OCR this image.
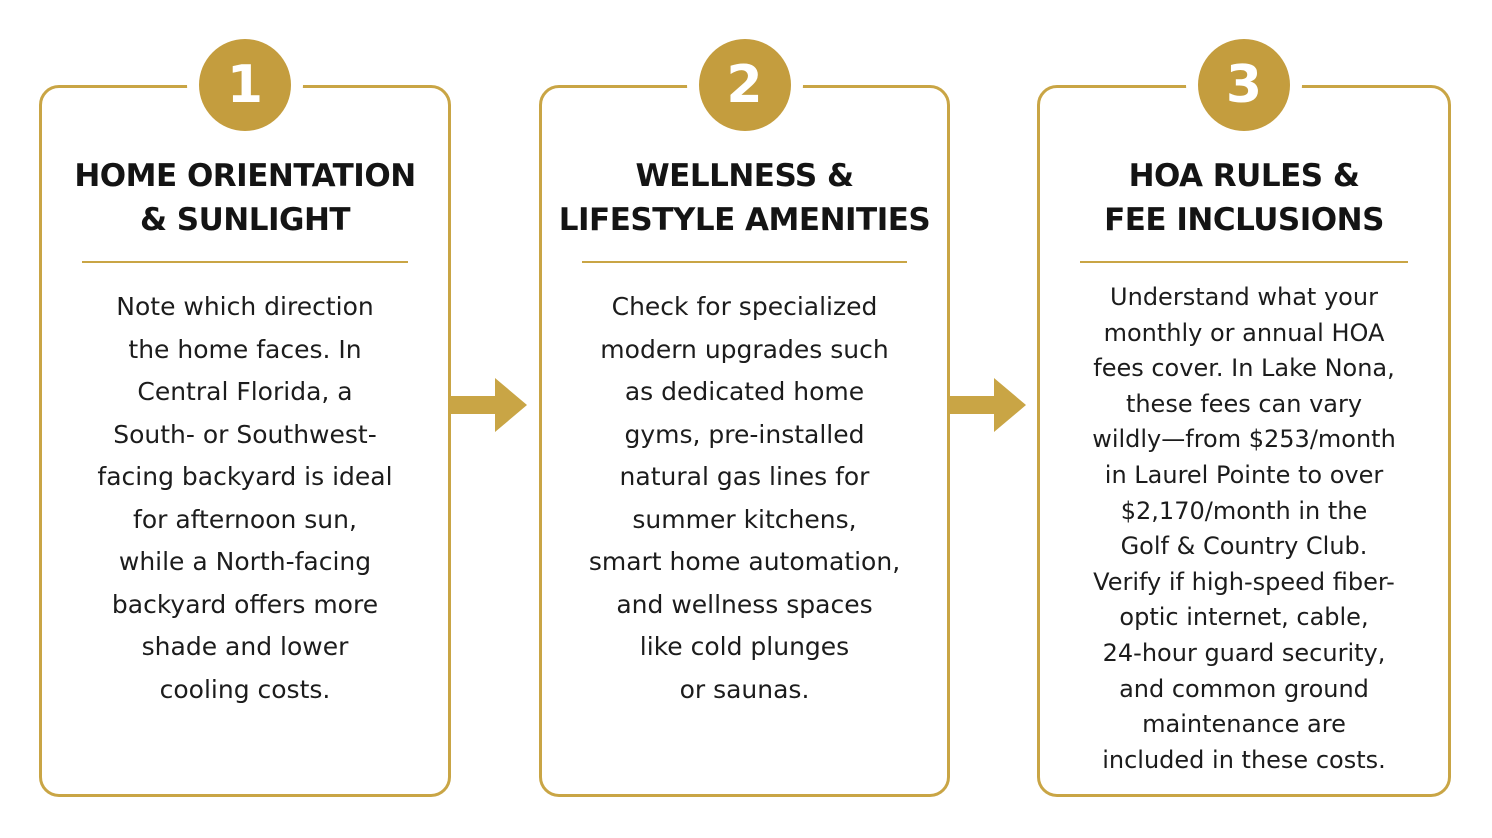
1
HOME ORIENTATION
& SUNLIGHT
Note which direction
the home faces. In
Central Florida, a
South- or Southwest-
facing backyard is ideal
for afternoon sun,
while a North-facing
backyard offers more
shade and lower
cooling costs.
2
WELLNESS &
LIFESTYLE AMENITIES
Check for specialized
modern upgrades such
as dedicated home
gyms, pre-installed
natural gas lines for
summer kitchens,
smart home automation,
and wellness spaces
like cold plunges
or saunas.
3
HOA RULES &
FEE INCLUSIONS
Understand what your
monthly or annual HOA
fees cover. In Lake Nona,
these fees can vary
wildly—from $253/month
in Laurel Pointe to over
$2,170/month in the
Golf & Country Club.
Verify if high-speed fiber-
optic internet, cable,
24-hour guard security,
and common ground
maintenance are
included in these costs.
